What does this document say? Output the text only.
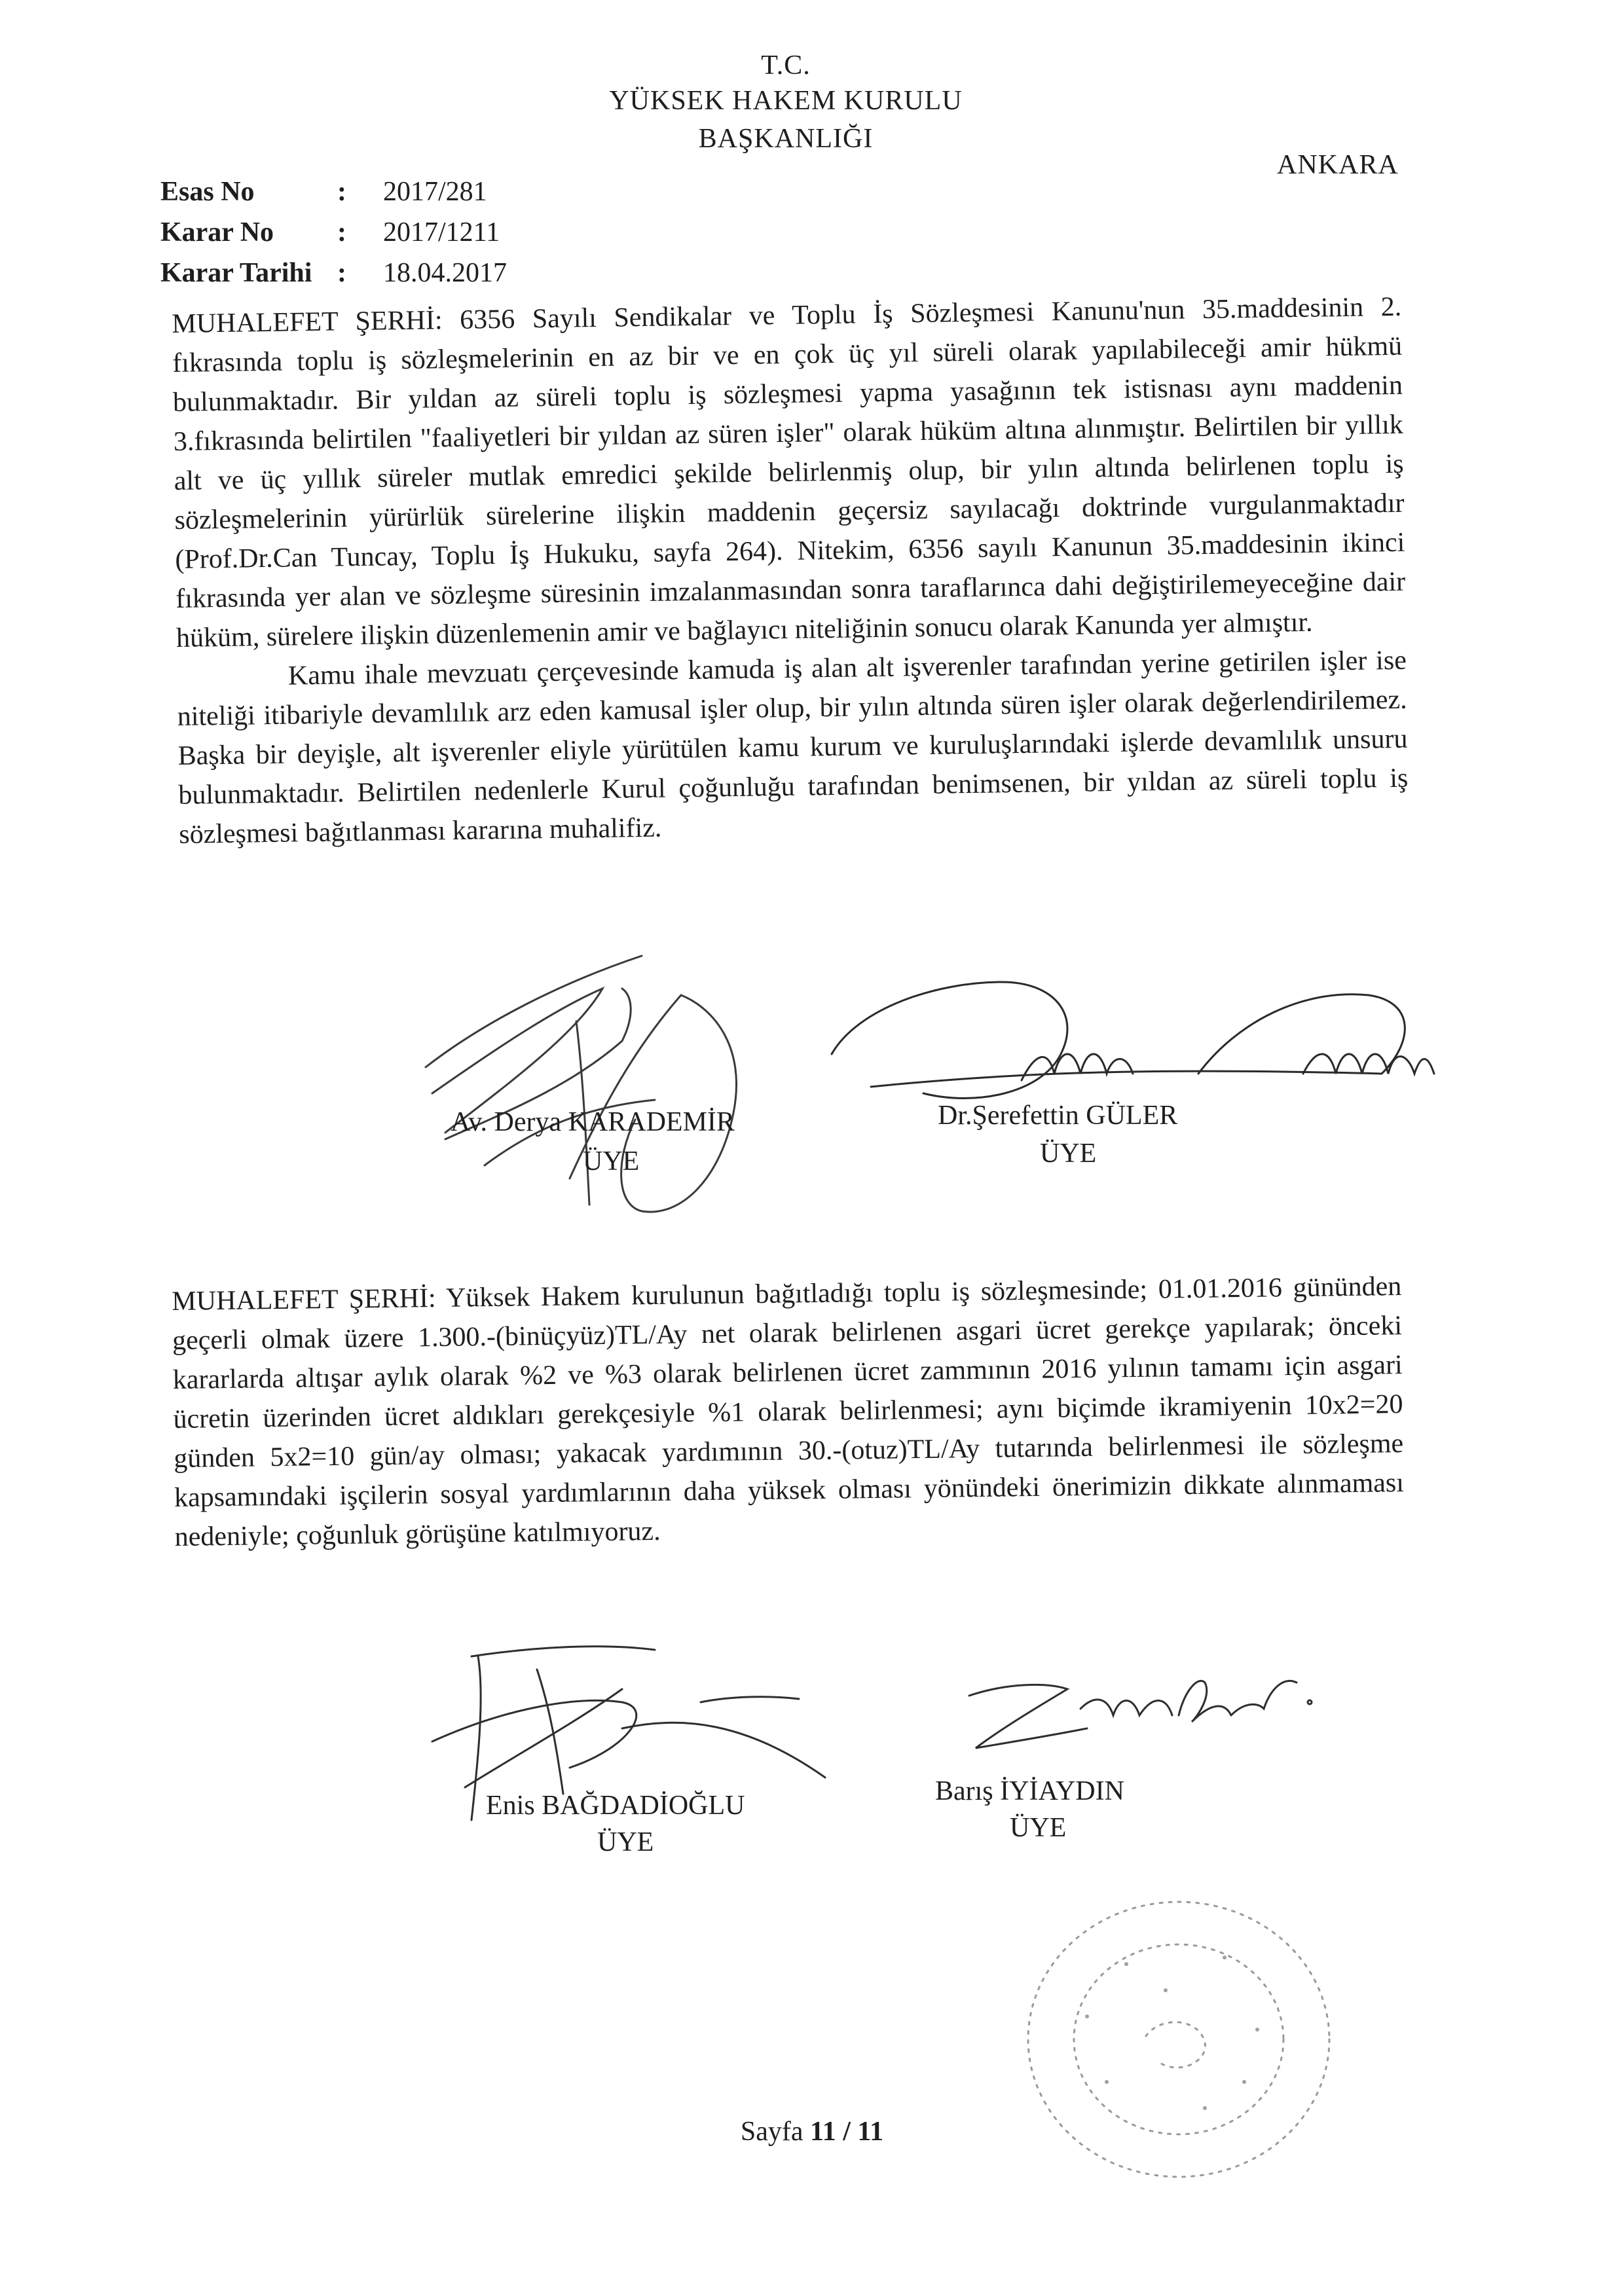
T.C.
YÜKSEK HAKEM KURULU
BAŞKANLIĞI
ANKARA
Esas No	:	2017/281
Karar No	:	2017/1211
Karar Tarihi :	18.04.2017

MUHALEFET ŞERHİ: 6356 Sayılı Sendikalar ve Toplu İş Sözleşmesi Kanunu'nun 35.maddesinin 2. fıkrasında toplu iş sözleşmelerinin en az bir ve en çok üç yıl süreli olarak yapılabileceği amir hükmü bulunmaktadır. Bir yıldan az süreli toplu iş sözleşmesi yapma yasağının tek istisnası aynı maddenin 3.fıkrasında belirtilen "faaliyetleri bir yıldan az süren işler" olarak hüküm altına alınmıştır. Belirtilen bir yıllık alt ve üç yıllık süreler mutlak emredici şekilde belirlenmiş olup, bir yılın altında belirlenen toplu iş sözleşmelerinin yürürlük sürelerine ilişkin maddenin geçersiz sayılacağı doktrinde vurgulanmaktadır (Prof.Dr.Can Tuncay, Toplu İş Hukuku, sayfa 264). Nitekim, 6356 sayılı Kanunun 35.maddesinin ikinci fıkrasında yer alan ve sözleşme süresinin imzalanmasından sonra taraflarınca dahi değiştirilemeyeceğine dair hüküm, sürelere ilişkin düzenlemenin amir ve bağlayıcı niteliğinin sonucu olarak Kanunda yer almıştır.

Kamu ihale mevzuatı çerçevesinde kamuda iş alan alt işverenler tarafından yerine getirilen işler ise niteliği itibariyle devamlılık arz eden kamusal işler olup, bir yılın altında süren işler olarak değerlendirilemez. Başka bir deyişle, alt işverenler eliyle yürütülen kamu kurum ve kuruluşlarındaki işlerde devamlılık unsuru bulunmaktadır. Belirtilen nedenlerle Kurul çoğunluğu tarafından benimsenen, bir yıldan az süreli toplu iş sözleşmesi bağıtlanması kararına muhalifiz.

Av. Derya KARADEMİR
ÜYE
Dr.Şerefettin GÜLER
ÜYE

MUHALEFET ŞERHİ: Yüksek Hakem kurulunun bağıtladığı toplu iş sözleşmesinde; 01.01.2016 gününden geçerli olmak üzere 1.300.-(binüçyüz)TL/Ay net olarak belirlenen asgari ücret gerekçe yapılarak; önceki kararlarda altışar aylık olarak %2 ve %3 olarak belirlenen ücret zammının 2016 yılının tamamı için asgari ücretin üzerinden ücret aldıkları gerekçesiyle %1 olarak belirlenmesi; aynı biçimde ikramiyenin 10x2=20 günden 5x2=10 gün/ay olması; yakacak yardımının 30.-(otuz)TL/Ay tutarında belirlenmesi ile sözleşme kapsamındaki işçilerin sosyal yardımlarının daha yüksek olması yönündeki önerimizin dikkate alınmaması nedeniyle; çoğunluk görüşüne katılmıyoruz.

Enis BAĞDADİOĞLU
ÜYE
Barış İYİAYDIN
ÜYE
Sayfa 11 / 11
